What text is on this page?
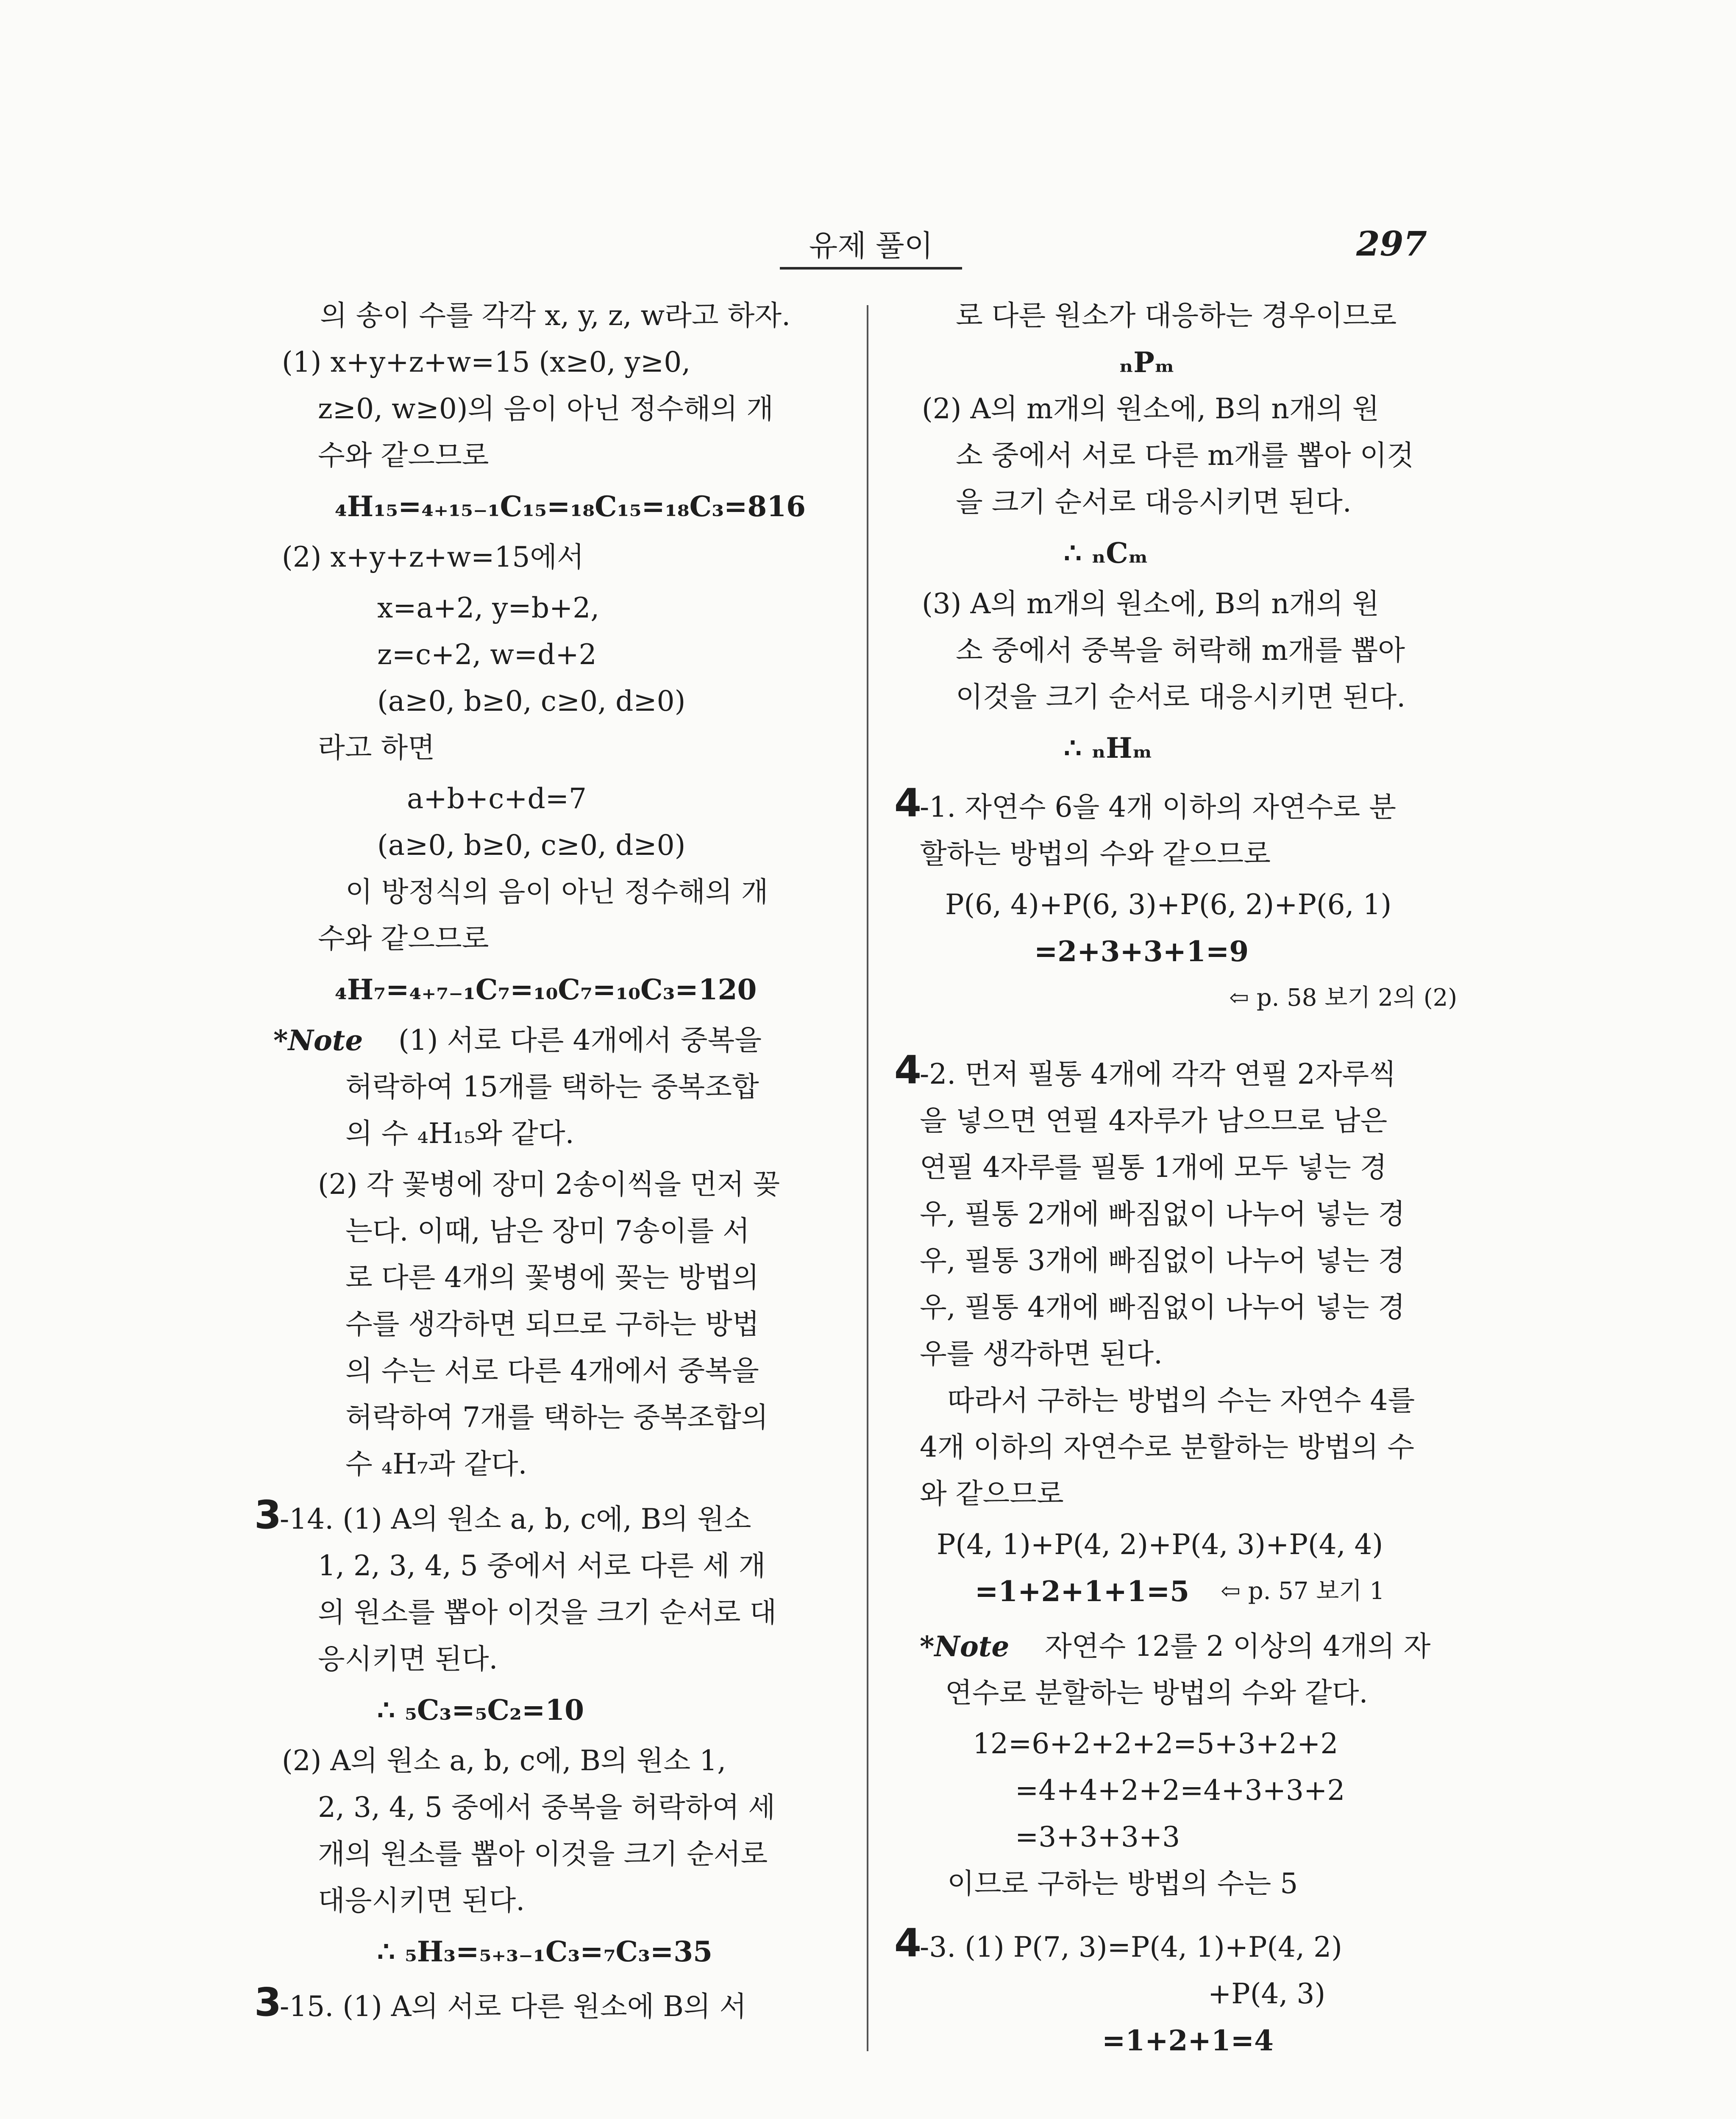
유제 풀이	297
의 송이 수를 각각 x, y, z, w라고 하자.
(1) x+y+z+w=15 (x≥0, y≥0,
z≥0, w≥0)의 음이 아닌 정수해의 개
수와 같으므로
₄H₁₅=₄₊₁₅₋₁C₁₅=₁₈C₁₅=₁₈C₃=816
(2) x+y+z+w=15에서
x=a+2, y=b+2,
z=c+2, w=d+2
(a≥0, b≥0, c≥0, d≥0)
라고 하면
a+b+c+d=7
(a≥0, b≥0, c≥0, d≥0)
이 방정식의 음이 아닌 정수해의 개
수와 같으므로
₄H₇=₄₊₇₋₁C₇=₁₀C₇=₁₀C₃=120
*Note (1) 서로 다른 4개에서 중복을
허락하여 15개를 택하는 중복조합
의 수 ₄H₁₅와 같다.
(2) 각 꽃병에 장미 2송이씩을 먼저 꽂
는다. 이때, 남은 장미 7송이를 서
로 다른 4개의 꽃병에 꽂는 방법의
수를 생각하면 되므로 구하는 방법
의 수는 서로 다른 4개에서 중복을
허락하여 7개를 택하는 중복조합의
수 ₄H₇과 같다.
3
-14. (1) A의 원소 a, b, c에, B의 원소
1, 2, 3, 4, 5 중에서 서로 다른 세 개
의 원소를 뽑아 이것을 크기 순서로 대
응시키면 된다.
∴ ₅C₃=₅C₂=10
(2) A의 원소 a, b, c에, B의 원소 1,
2, 3, 4, 5 중에서 중복을 허락하여 세
개의 원소를 뽑아 이것을 크기 순서로
대응시키면 된다.
∴ ₅H₃=₅₊₃₋₁C₃=₇C₃=35
3
-15. (1) A의 서로 다른 원소에 B의 서
로 다른 원소가 대응하는 경우이므로
ₙPₘ
(2) A의 m개의 원소에, B의 n개의 원
소 중에서 서로 다른 m개를 뽑아 이것
을 크기 순서로 대응시키면 된다.
∴ ₙCₘ
(3) A의 m개의 원소에, B의 n개의 원
소 중에서 중복을 허락해 m개를 뽑아
이것을 크기 순서로 대응시키면 된다.
∴ ₙHₘ
4
-1. 자연수 6을 4개 이하의 자연수로 분
할하는 방법의 수와 같으므로
P(6, 4)+P(6, 3)+P(6, 2)+P(6, 1)
=2+3+3+1=9
⇦ p. 58 보기 2의 (2)
4
-2. 먼저 필통 4개에 각각 연필 2자루씩
을 넣으면 연필 4자루가 남으므로 남은
연필 4자루를 필통 1개에 모두 넣는 경
우, 필통 2개에 빠짐없이 나누어 넣는 경
우, 필통 3개에 빠짐없이 나누어 넣는 경
우, 필통 4개에 빠짐없이 나누어 넣는 경
우를 생각하면 된다.
따라서 구하는 방법의 수는 자연수 4를
4개 이하의 자연수로 분할하는 방법의 수
와 같으므로
P(4, 1)+P(4, 2)+P(4, 3)+P(4, 4)
=1+2+1+1=5 ⇦ p. 57 보기 1
*Note 자연수 12를 2 이상의 4개의 자
연수로 분할하는 방법의 수와 같다.
12=6+2+2+2=5+3+2+2
=4+4+2+2=4+3+3+2
=3+3+3+3
이므로 구하는 방법의 수는 5
4
-3. (1) P(7, 3)=P(4, 1)+P(4, 2)
+P(4, 3)
=1+2+1=4
